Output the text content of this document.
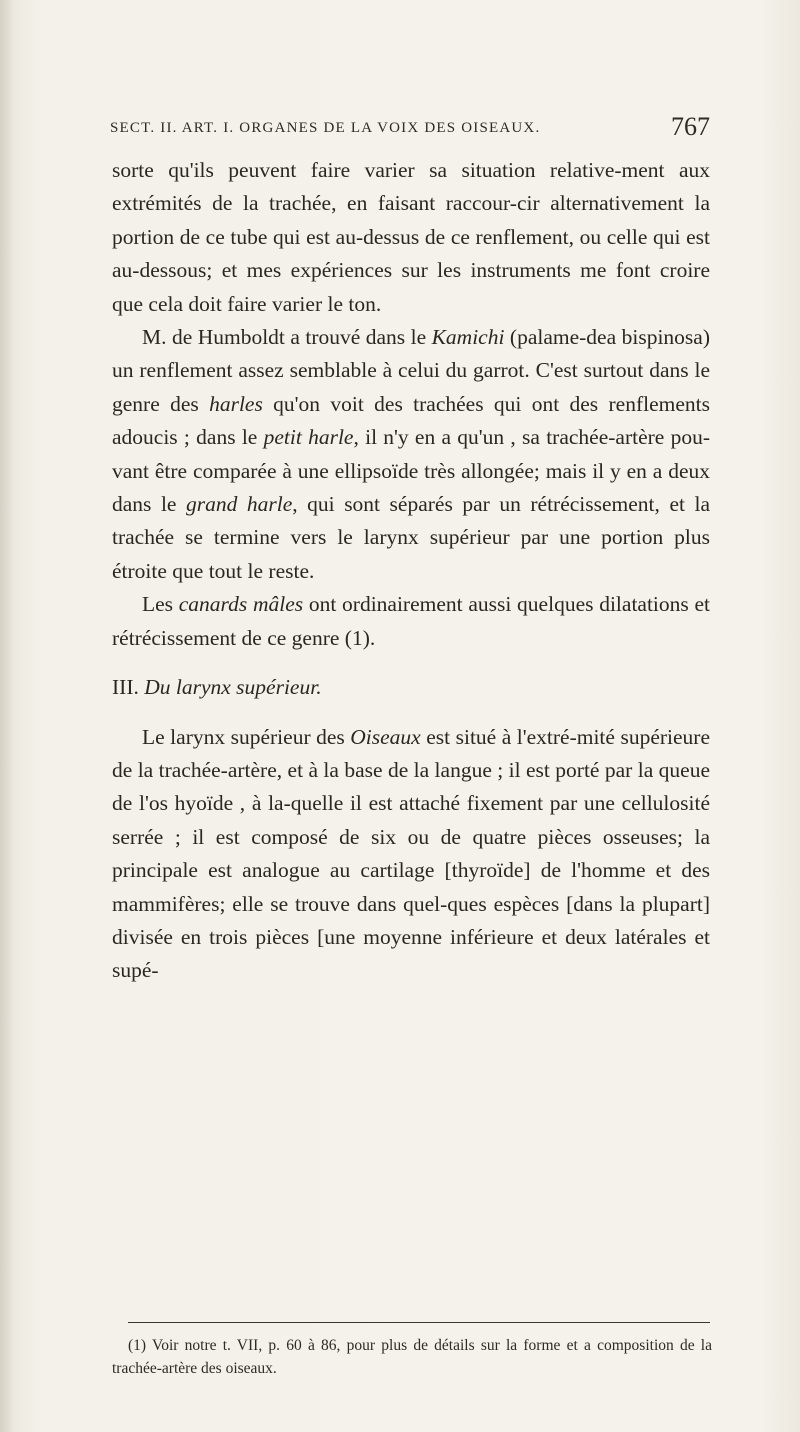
SECT. II. ART. I. ORGANES DE LA VOIX DES OISEAUX.	767

sorte qu'ils peuvent faire varier sa situation relative-ment aux extrémités de la trachée, en faisant raccour-cir alternativement la portion de ce tube qui est au-dessus de ce renflement, ou celle qui est au-dessous; et mes expériences sur les instruments me font croire que cela doit faire varier le ton.

M. de Humboldt a trouvé dans le Kamichi (palame-dea bispinosa) un renflement assez semblable à celui du garrot. C'est surtout dans le genre des harles qu'on voit des trachées qui ont des renflements adoucis ; dans le petit harle, il n'y en a qu'un , sa trachée-artère pou-vant être comparée à une ellipsoïde très allongée; mais il y en a deux dans le grand harle, qui sont séparés par un rétrécissement, et la trachée se termine vers le larynx supérieur par une portion plus étroite que tout le reste.

Les canards mâles ont ordinairement aussi quelques dilatations et rétrécissement de ce genre (1).

III. Du larynx supérieur.

Le larynx supérieur des Oiseaux est situé à l'extré-mité supérieure de la trachée-artère, et à la base de la langue ; il est porté par la queue de l'os hyoïde , à la-quelle il est attaché fixement par une cellulosité serrée ; il est composé de six ou de quatre pièces osseuses; la principale est analogue au cartilage [thyroïde] de l'homme et des mammifères; elle se trouve dans quel-ques espèces [dans la plupart] divisée en trois pièces [une moyenne inférieure et deux latérales et supé-

(1) Voir notre t. VII, p. 60 à 86, pour plus de détails sur la forme et a composition de la trachée-artère des oiseaux.
